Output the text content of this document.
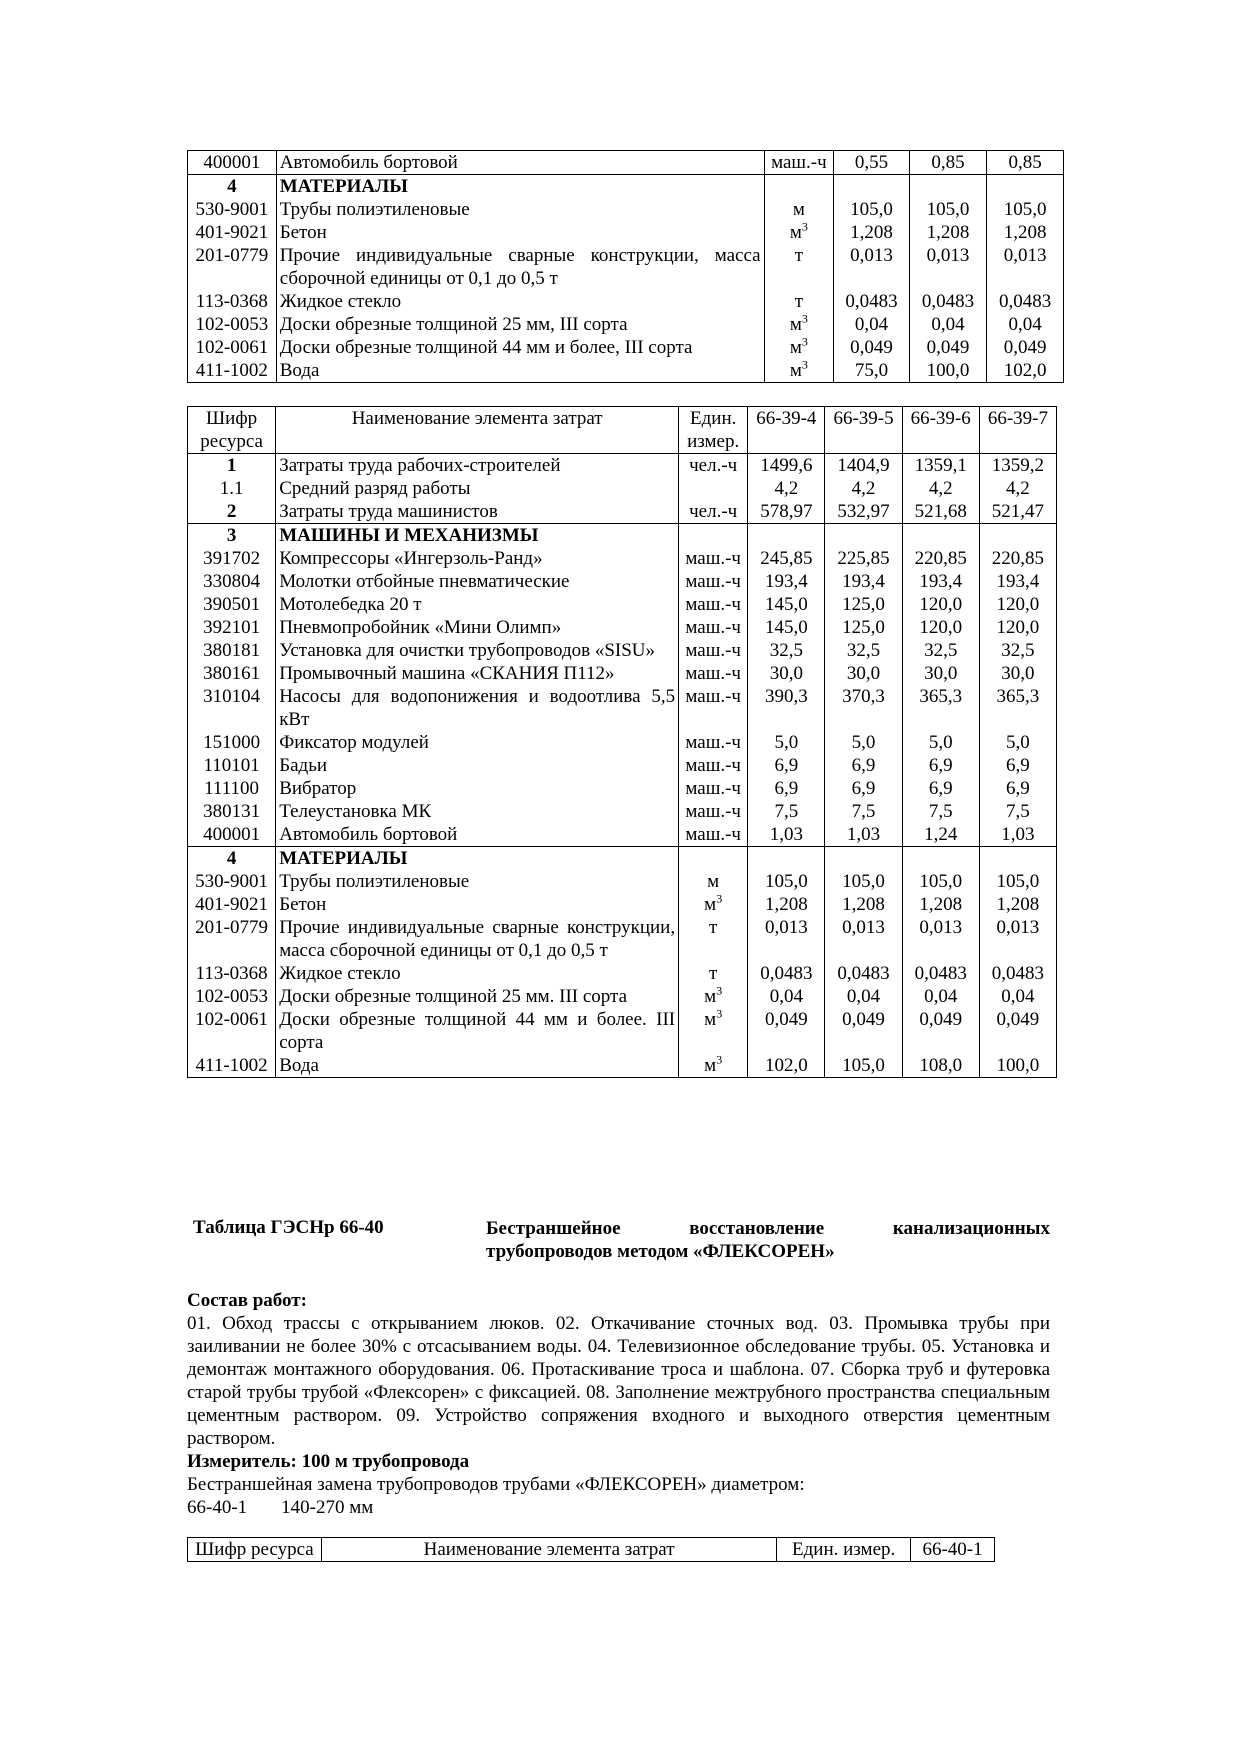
400001	Автомобиль бортовой	маш.-ч	0,55	0,85	0,85
4	МАТЕРИАЛЫ				
530-9001	Трубы полиэтиленовые	м	105,0	105,0	105,0
401-9021	Бетон	$м^3$	1,208	1,208	1,208
201-0779	Прочие индивидуальные сварные конструкции, масса сборочной единицы от 0,1 до 0,5 т	т	0,013	0,013	0,013
113-0368	Жидкое стекло	т	0,0483	0,0483	0,0483
102-0053	Доски обрезные толщиной 25 мм, III сорта	$м^3$	0,04	0,04	0,04
102-0061	Доски обрезные толщиной 44 мм и более, III сорта	$м^3$	0,049	0,049	0,049
411-1002	Вода	$м^3$	75,0	100,0	102,0
Шифр ресурса	Наименование элемента затрат	Един. измер.	66-39-4	66-39-5	66-39-6	66-39-7
1	Затраты труда рабочих-строителей	чел.-ч	1499,6	1404,9	1359,1	1359,2
1.1	Средний разряд работы		4,2	4,2	4,2	4,2
2	Затраты труда машинистов	чел.-ч	578,97	532,97	521,68	521,47
3	МАШИНЫ И МЕХАНИЗМЫ					
391702	Компрессоры «Ингерзоль-Ранд»	маш.-ч	245,85	225,85	220,85	220,85
330804	Молотки отбойные пневматические	маш.-ч	193,4	193,4	193,4	193,4
390501	Мотолебедка 20 т	маш.-ч	145,0	125,0	120,0	120,0
392101	Пневмопробойник «Мини Олимп»	маш.-ч	145,0	125,0	120,0	120,0
380181	Установка для очистки трубопроводов «SISU»	маш.-ч	32,5	32,5	32,5	32,5
380161	Промывочный машина «СКАНИЯ П112»	маш.-ч	30,0	30,0	30,0	30,0
310104	Насосы для водопонижения и водоотлива 5,5 кВт	маш.-ч	390,3	370,3	365,3	365,3
151000	Фиксатор модулей	маш.-ч	5,0	5,0	5,0	5,0
110101	Бадьи	маш.-ч	6,9	6,9	6,9	6,9
111100	Вибратор	маш.-ч	6,9	6,9	6,9	6,9
380131	Телеустановка МК	маш.-ч	7,5	7,5	7,5	7,5
400001	Автомобиль бортовой	маш.-ч	1,03	1,03	1,24	1,03
4	МАТЕРИАЛЫ					
530-9001	Трубы полиэтиленовые	м	105,0	105,0	105,0	105,0
401-9021	Бетон	$м^3$	1,208	1,208	1,208	1,208
201-0779	Прочие индивидуальные сварные конструкции, масса сборочной единицы от 0,1 до 0,5 т	т	0,013	0,013	0,013	0,013
113-0368	Жидкое стекло	т	0,0483	0,0483	0,0483	0,0483
102-0053	Доски обрезные толщиной 25 мм. III сорта	$м^3$	0,04	0,04	0,04	0,04
102-0061	Доски обрезные толщиной 44 мм и более. III сорта	$м^3$	0,049	0,049	0,049	0,049
411-1002	Вода	$м^3$	102,0	105,0	108,0	100,0
Таблица ГЭСНр 66-40	Бестраншейное восстановление канализационных трубопроводов методом «ФЛЕКСОРЕН»
Состав работ:
01. Обход трассы с открыванием люков. 02. Откачивание сточных вод. 03. Промывка трубы при заиливании не более 30% с отсасыванием воды. 04. Телевизионное обследование трубы. 05. Установка и демонтаж монтажного оборудования. 06. Протаскивание троса и шаблона. 07. Сборка труб и футеровка старой трубы трубой «Флексорен» с фиксацией. 08. Заполнение межтрубного пространства специальным цементным раствором. 09. Устройство сопряжения входного и выходного отверстия цементным раствором.
Измеритель: 100 м трубопровода
Бестраншейная замена трубопроводов трубами «ФЛЕКСОРЕН» диаметром:
66-40-1 140-270 мм
Шифр ресурса	Наименование элемента затрат	Един. измер.	66-40-1
